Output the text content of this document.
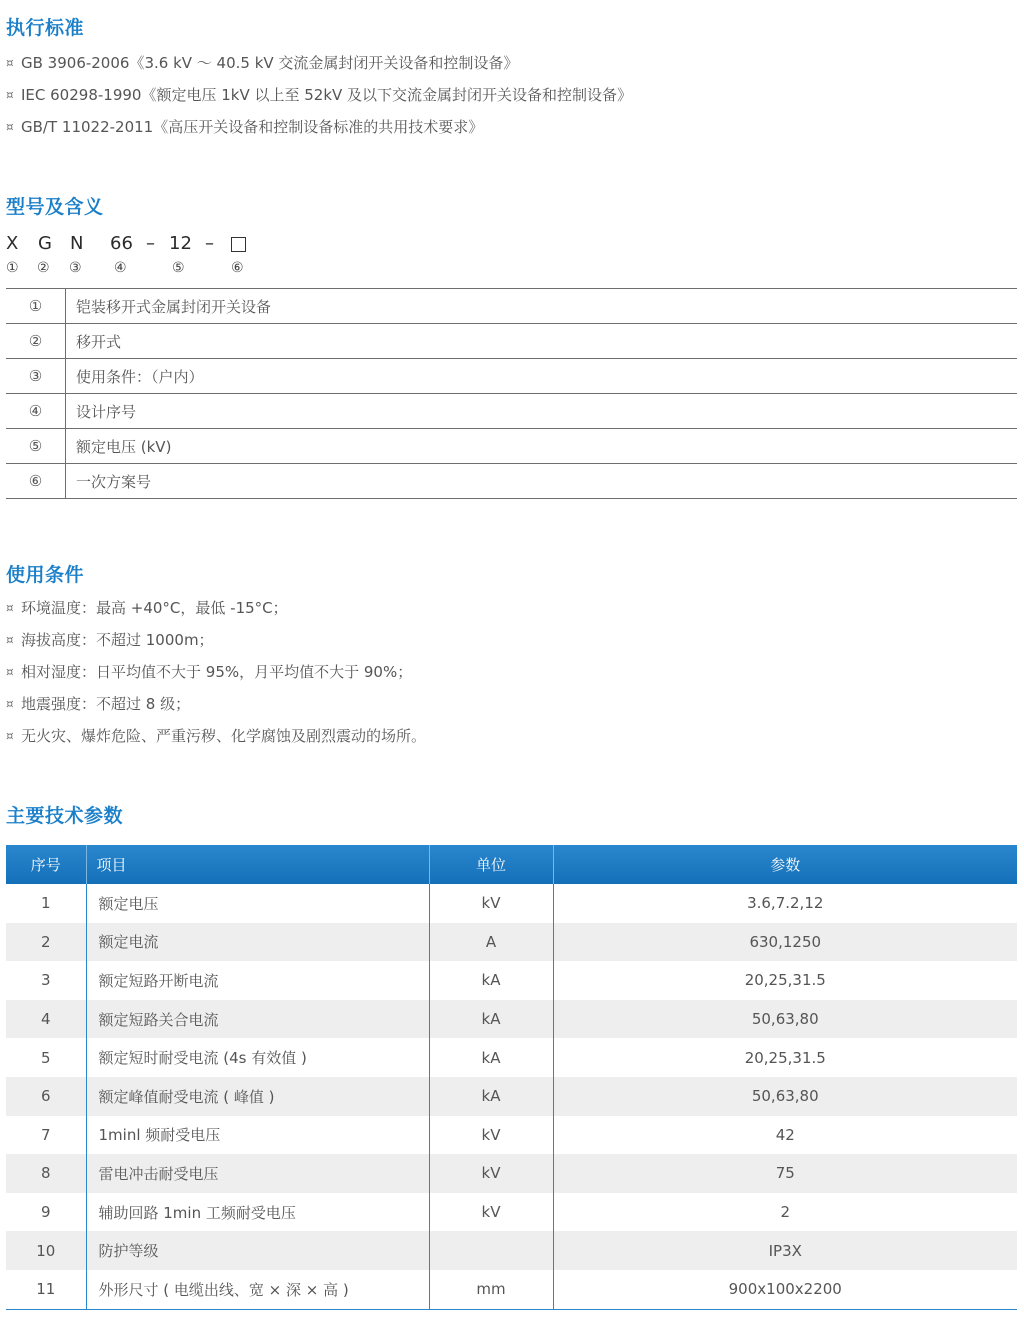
执行标准
¤ GB 3906-2006《3.6 kV ～ 40.5 kV 交流金属封闭开关设备和控制设备》
¤ IEC 60298-1990《额定电压 1kV 以上至 52kV 及以下交流金属封闭开关设备和控制设备》
¤ GB/T 11022-2011《高压开关设备和控制设备标准的共用技术要求》
型号及含义
X G N 66 – 12 –
① ② ③ ④	⑤	⑥
①	铠装移开式金属封闭开关设备
②	移开式
③	使用条件：（户内）
④	设计序号
⑤	额定电压 (kV)
⑥	一次方案号
使用条件
¤ 环境温度：最高 +40°C，最低 -15°C；
¤ 海拔高度：不超过 1000m；
¤ 相对湿度：日平均值不大于 95%，月平均值不大于 90%；
¤ 地震强度：不超过 8 级；
¤ 无火灾、爆炸危险、严重污秽、化学腐蚀及剧烈震动的场所。
主要技术参数
序号	项目	单位	参数
1	额定电压	kV	3.6,7.2,12
2	额定电流	A	630,1250
3	额定短路开断电流	kA	20,25,31.5
4	额定短路关合电流	kA	50,63,80
5	额定短时耐受电流 (4s 有效值 )	kA	20,25,31.5
6	额定峰值耐受电流 ( 峰值 )	kA	50,63,80
7	1minl 频耐受电压	kV	42
8	雷电冲击耐受电压	kV	75
9	辅助回路 1min 工频耐受电压	kV	2
10	防护等级		IP3X
11	外形尺寸 ( 电缆出线、宽 × 深 × 高 )	mm	900x100x2200
